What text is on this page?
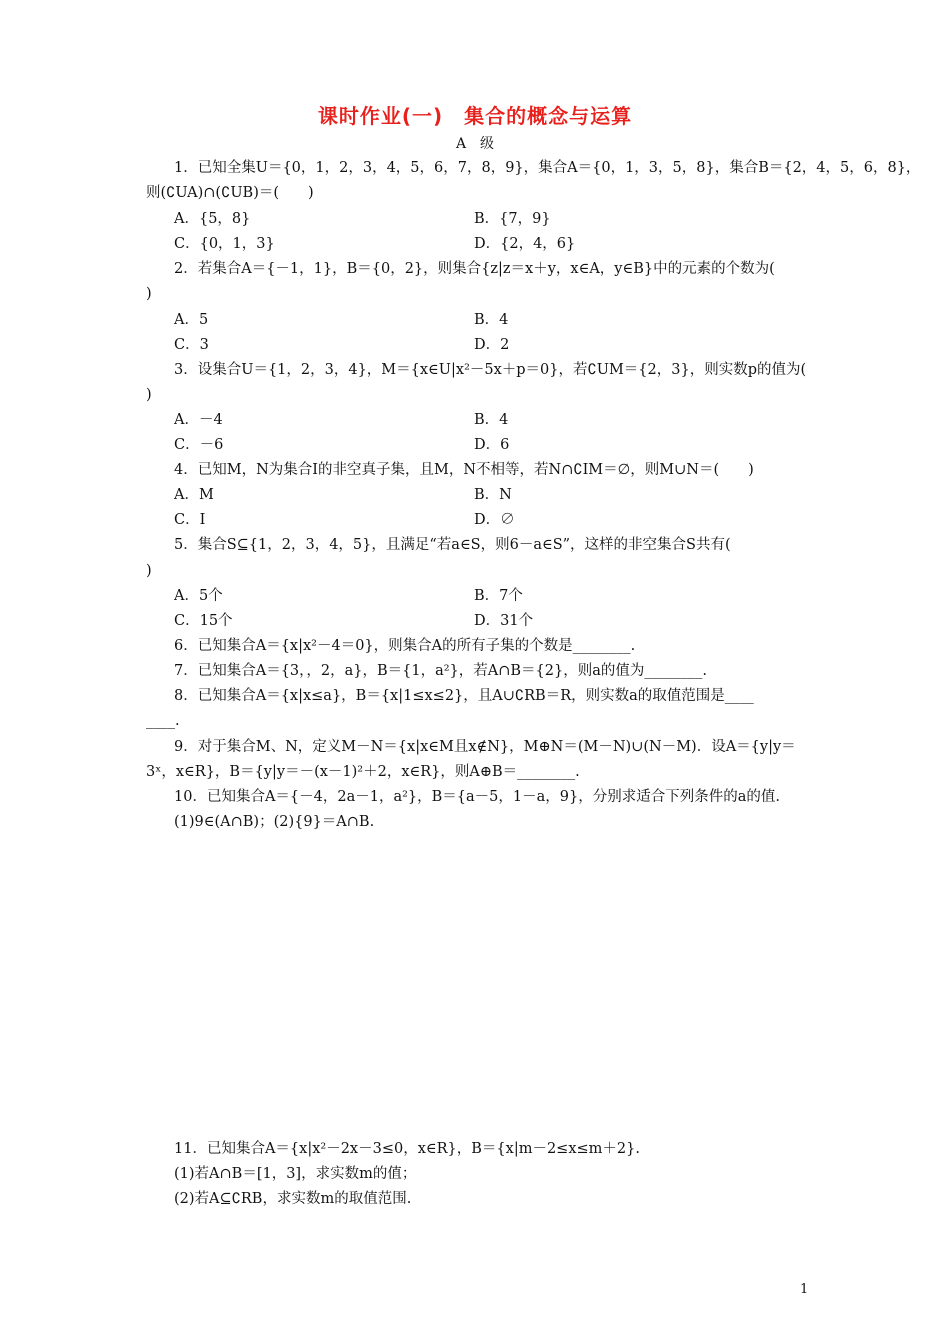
课时作业(一)　集合的概念与运算
A　级
1．已知全集U＝{0，1，2，3，4，5，6，7，8，9}，集合A＝{0，1，3，5，8}，集合B＝{2，4，5，6，8}，
则(∁UA)∩(∁UB)＝(　　)
A．{5，8}	B．{7，9}
C．{0，1，3}	D．{2，4，6}
2．若集合A＝{－1，1}，B＝{0，2}，则集合{z|z＝x＋y，x∈A，y∈B}中的元素的个数为(
)
A．5	B．4
C．3	D．2
3．设集合U＝{1，2，3，4}，M＝{x∈U|x²－5x＋p＝0}，若∁UM＝{2，3}，则实数p的值为(
)
A．－4	B．4
C．－6	D．6
4．已知M，N为集合I的非空真子集，且M，N不相等，若N∩∁IM＝∅，则M∪N＝(　　)
A．M	B．N
C．I	D．∅
5．集合S⊆{1，2，3，4，5}，且满足“若a∈S，则6－a∈S”，这样的非空集合S共有(
)
A．5个	B．7个
C．15个	D．31个
6．已知集合A＝{x|x²－4＝0}，则集合A的所有子集的个数是________.
7．已知集合A＝{3，，2，a}，B＝{1，a²}，若A∩B＝{2}，则a的值为________.
8．已知集合A＝{x|x≤a}，B＝{x|1≤x≤2}，且A∪∁RB＝R，则实数a的取值范围是____
____.
9．对于集合M、N，定义M－N＝{x|x∈M且x∉N}，M⊕N＝(M－N)∪(N－M)．设A＝{y|y＝
3ˣ，x∈R}，B＝{y|y＝－(x－1)²＋2，x∈R}，则A⊕B＝________.
10．已知集合A＝{－4，2a－1，a²}，B＝{a－5，1－a，9}，分别求适合下列条件的a的值.
(1)9∈(A∩B)；(2){9}＝A∩B.
11．已知集合A＝{x|x²－2x－3≤0，x∈R}，B＝{x|m－2≤x≤m＋2}.
(1)若A∩B＝[1，3]，求实数m的值；
(2)若A⊆∁RB，求实数m的取值范围.
1
